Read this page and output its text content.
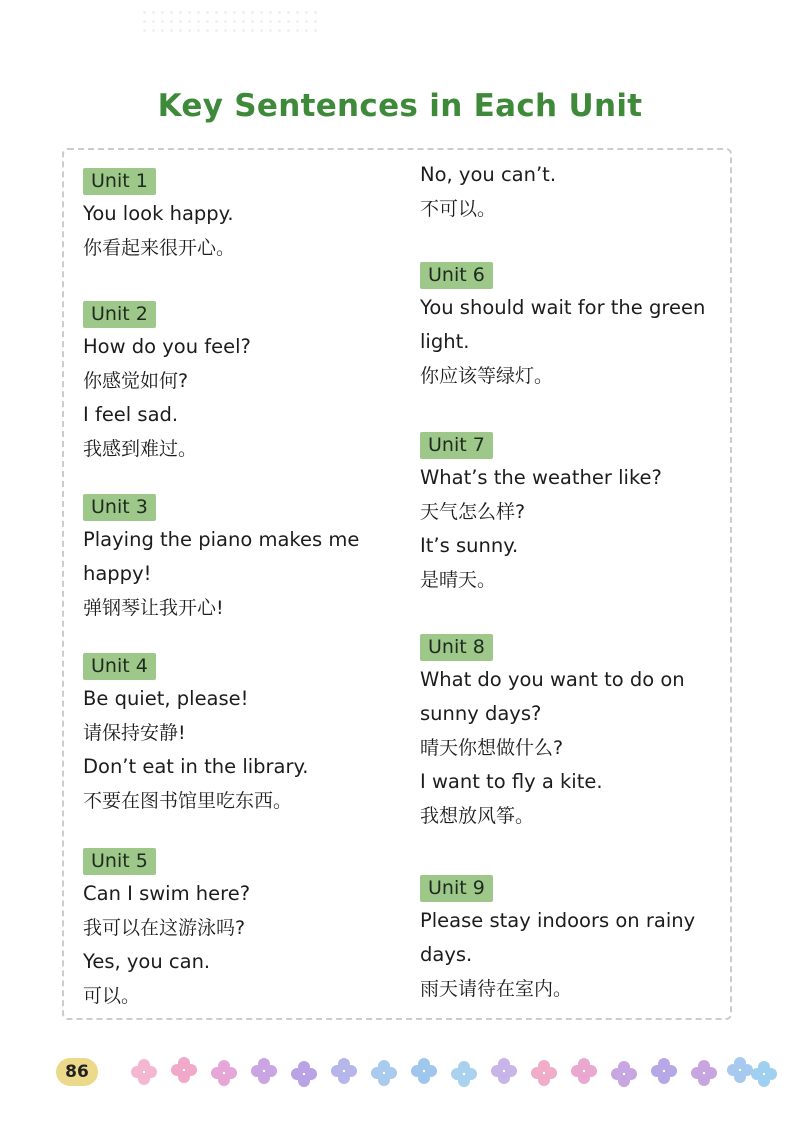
Key Sentences in Each Unit
Unit 1
You look happy.
你看起来很开心。
Unit 2
How do you feel?
你感觉如何?
I feel sad.
我感到难过。
Unit 3
Playing the piano makes me
happy!
弹钢琴让我开心!
Unit 4
Be quiet, please!
请保持安静!
Don’t eat in the library.
不要在图书馆里吃东西。
Unit 5
Can I swim here?
我可以在这游泳吗?
Yes, you can.
可以。
No, you can’t.
不可以。
Unit 6
You should wait for the green
light.
你应该等绿灯。
Unit 7
What’s the weather like?
天气怎么样?
It’s sunny.
是晴天。
Unit 8
What do you want to do on
sunny days?
晴天你想做什么?
I want to fly a kite.
我想放风筝。
Unit 9
Please stay indoors on rainy
days.
雨天请待在室内。
86
